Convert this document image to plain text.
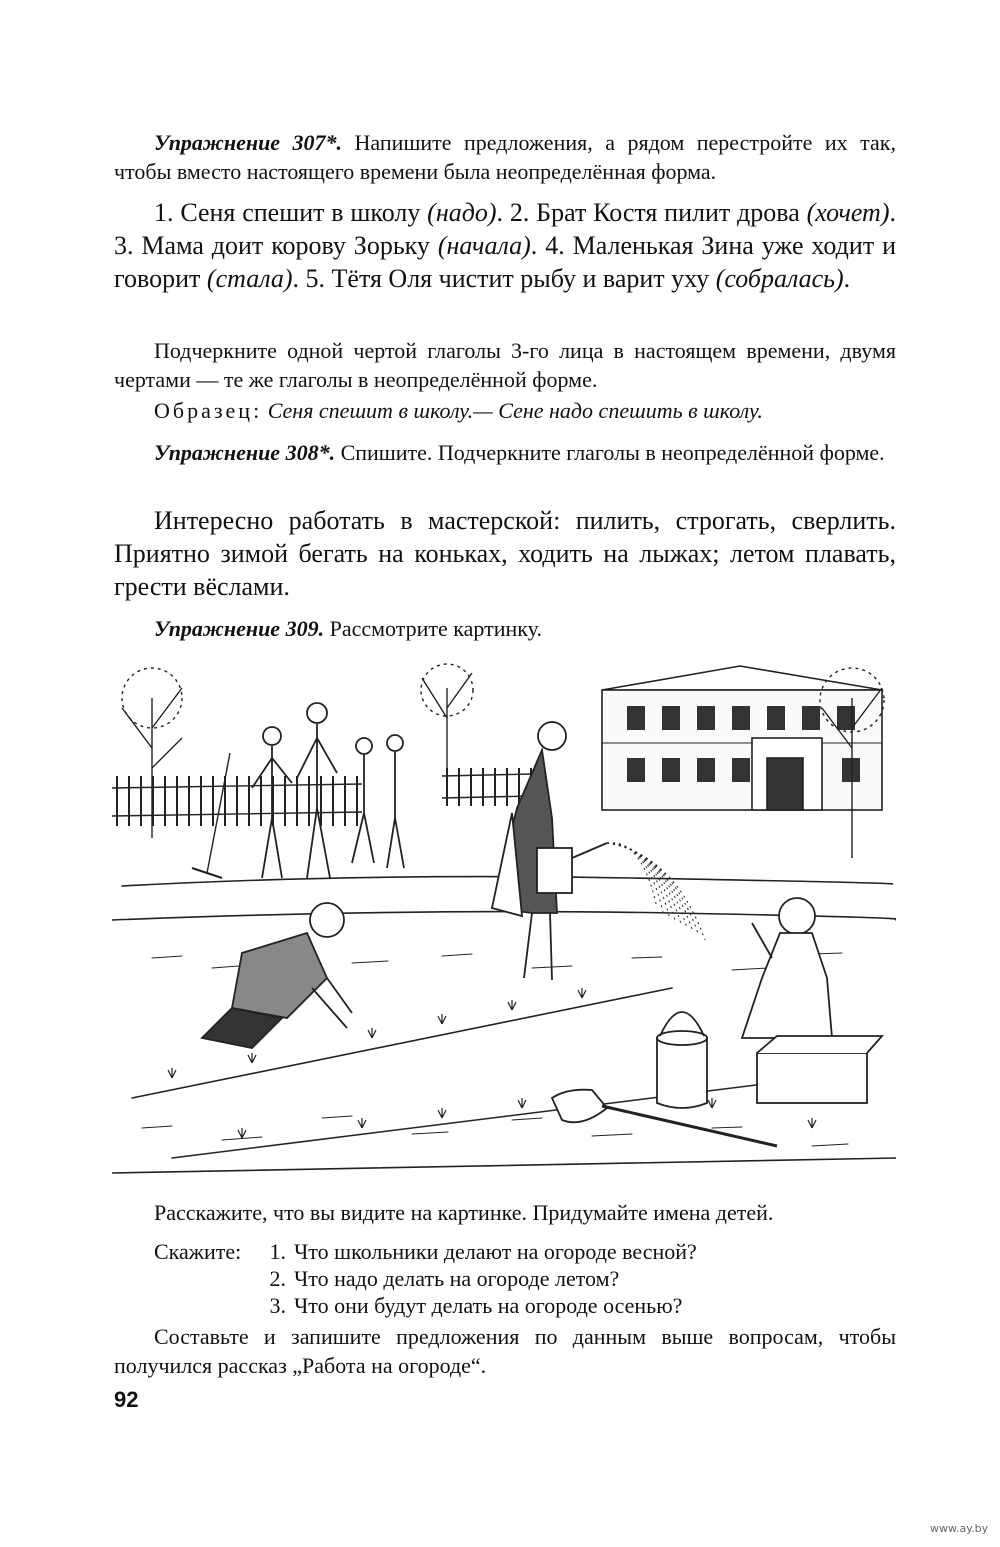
Упражнение 307*. Напишите предложения, а рядом перестройте их так, чтобы вместо настоящего времени была неопределённая форма.

1. Сеня спешит в школу (надо). 2. Брат Костя пилит дрова (хочет). 3. Мама доит корову Зорьку (начала). 4. Маленькая Зина уже ходит и говорит (стала). 5. Тётя Оля чистит рыбу и варит уху (собралась).

Подчеркните одной чертой глаголы 3-го лица в настоящем времени, двумя чертами — те же глаголы в неопределённой форме.

Образец: Сеня спешит в школу.— Сене надо спешить в школу.

Упражнение 308*. Спишите. Подчеркните глаголы в неопределённой форме.

Интересно работать в мастерской: пилить, строгать, сверлить. Приятно зимой бегать на коньках, ходить на лыжах; летом плавать, грести вёслами.

Упражнение 309. Рассмотрите картинку.

Расскажите, что вы видите на картинке. Придумайте имена детей.

Скажите:	1. Что школьники делают на огороде весной?
2. Что надо делать на огороде летом?
3. Что они будут делать на огороде осенью?

Составьте и запишите предложения по данным выше вопросам, чтобы получился рассказ „Работа на огороде“.

92
www.ay.by
